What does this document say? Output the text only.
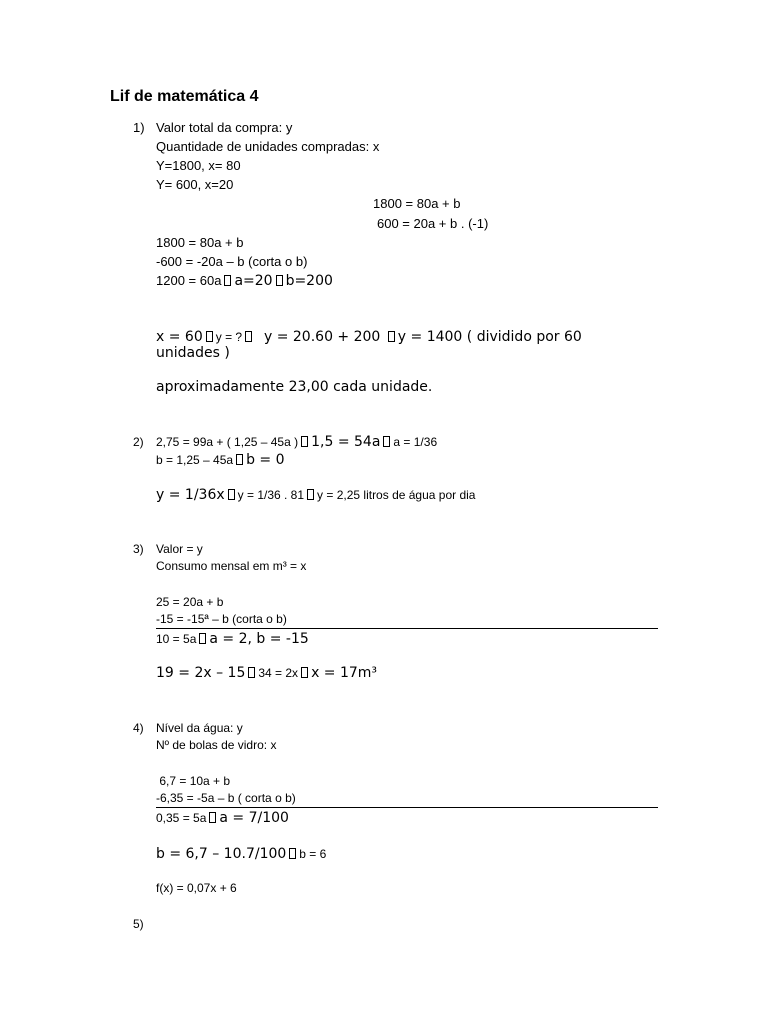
Lif de matemática 4
1) Valor total da compra: y
Quantidade de unidades compradas: x
Y=1800, x= 80
Y= 600, x=20
1800 = 80a + b
600 = 20a + b . (-1)
1800 = 80a + b
-600 = -20a – b (corta o b)
1200 = 60a a=20 b=200
x = 60 y = ? y = 20.60 + 200 y = 1400 ( dividido por 60
unidades )
aproximadamente 23,00 cada unidade.
2) 2,75 = 99a + ( 1,25 – 45a ) 1,5 = 54a a = 1/36
b = 1,25 – 45a b = 0
y = 1/36x y = 1/36 . 81 y = 2,25 litros de água por dia
3) Valor = y
Consumo mensal em m³ = x
25 = 20a + b
-15 = -15ª – b (corta o b)
10 = 5a a = 2, b = -15
19 = 2x – 15 34 = 2x x = 17m³
4) Nível da água: y
Nº de bolas de vidro: x
6,7 = 10a + b
-6,35 = -5a – b ( corta o b)
0,35 = 5a a = 7/100
b = 6,7 – 10.7/100 b = 6
f(x) = 0,07x + 6
5)
